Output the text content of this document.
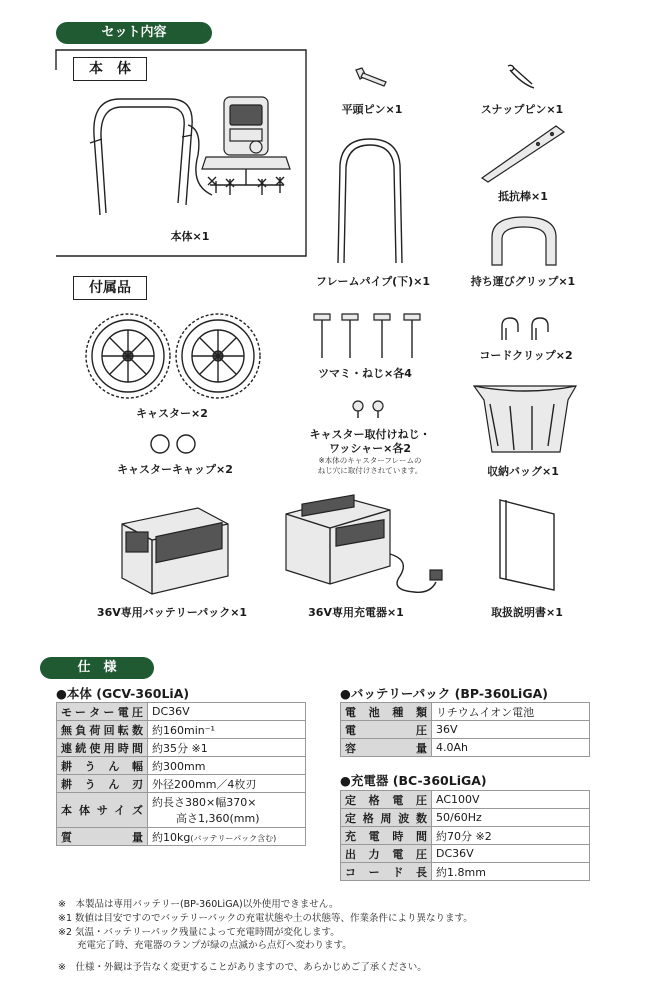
セット内容
本　体
本体×1
平頭ピン×1	スナップピン×1
抵抗棒×1
フレームパイプ(下)×1	持ち運びグリップ×1
付属品
キャスター×2
ツマミ・ねじ×各4
コードクリップ×2
キャスター取付けねじ・
ワッシャー×各2
※本体のキャスターフレームの
ねじ穴に取付けされています。
キャスターキャップ×2	収納バッグ×1
36V専用バッテリーパック×1	36V専用充電器×1	取扱説明書×1
仕　様
●本体 (GCV-360LiA)
モーター電圧	DC36V
無負荷回転数	約160min⁻¹
連続使用時間	約35分 ※1
耕うん幅	約300mm
耕うん刃	外径200mm／4枚刃
本体サイズ	約長さ380×幅370×
高さ1,360(mm)

質量	約10kg(バッテリーパック含む)
●バッテリーパック (BP-360LiGA)
電池種類	リチウムイオン電池
電圧	36V
容量	4.0Ah
●充電器 (BC-360LiGA)
定格電圧	AC100V
定格周波数	50/60Hz
充電時間	約70分 ※2
出力電圧	DC36V
コード長	約1.8mm
※　本製品は専用バッテリー(BP-360LiGA)以外使用できません。
※1 数値は目安ですのでバッテリーパックの充電状態や土の状態等、作業条件により異なります。
※2 気温・バッテリーパック残量によって充電時間が変化します。
　　充電完了時、充電器のランプが緑の点滅から点灯へ変わります。
※　仕様・外観は予告なく変更することがありますので、あらかじめご了承ください。
